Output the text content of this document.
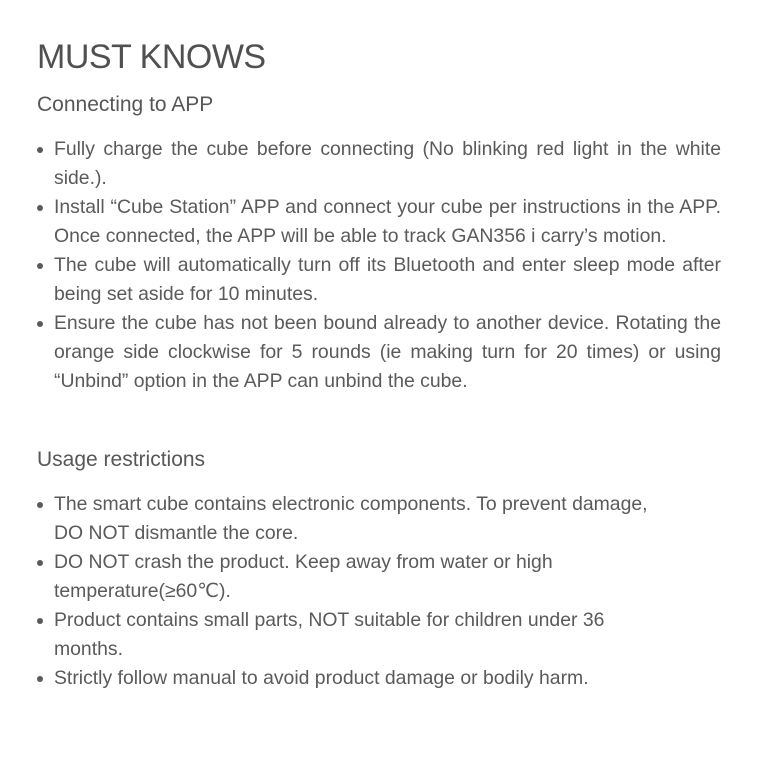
MUST KNOWS
Connecting to APP
Fully charge the cube before connecting (No blinking red light in the white side.).
Install “Cube Station” APP and connect your cube per instructions in the APP. Once connected, the APP will be able to track GAN356 i carry’s motion.
The cube will automatically turn off its Bluetooth and enter sleep mode after being set aside for 10 minutes.
Ensure the cube has not been bound already to another device. Rotating the orange side clockwise for 5 rounds (ie making turn for 20 times) or using “Unbind” option in the APP can unbind the cube.
Usage restrictions
The smart cube contains electronic components. To prevent damage, DO NOT dismantle the core.
DO NOT crash the product. Keep away from water or high temperature(≥60℃).
Product contains small parts, NOT suitable for children under 36 months.
Strictly follow manual to avoid product damage or bodily harm.
